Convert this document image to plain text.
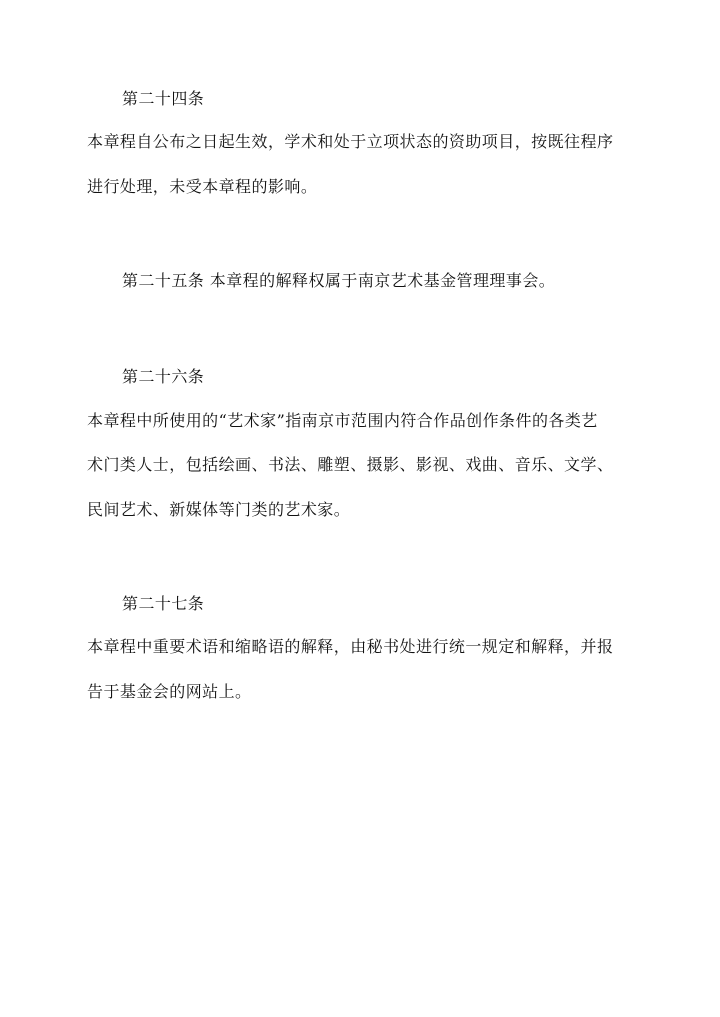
第二十四条
本章程自公布之日起生效，学术和处于立项状态的资助项目，按既往程序
进行处理，未受本章程的影响。
第二十五条 本章程的解释权属于南京艺术基金管理理事会。
第二十六条
本章程中所使用的“艺术家”指南京市范围内符合作品创作条件的各类艺
术门类人士，包括绘画、书法、雕塑、摄影、影视、戏曲、音乐、文学、
民间艺术、新媒体等门类的艺术家。
第二十七条
本章程中重要术语和缩略语的解释，由秘书处进行统一规定和解释，并报
告于基金会的网站上。
